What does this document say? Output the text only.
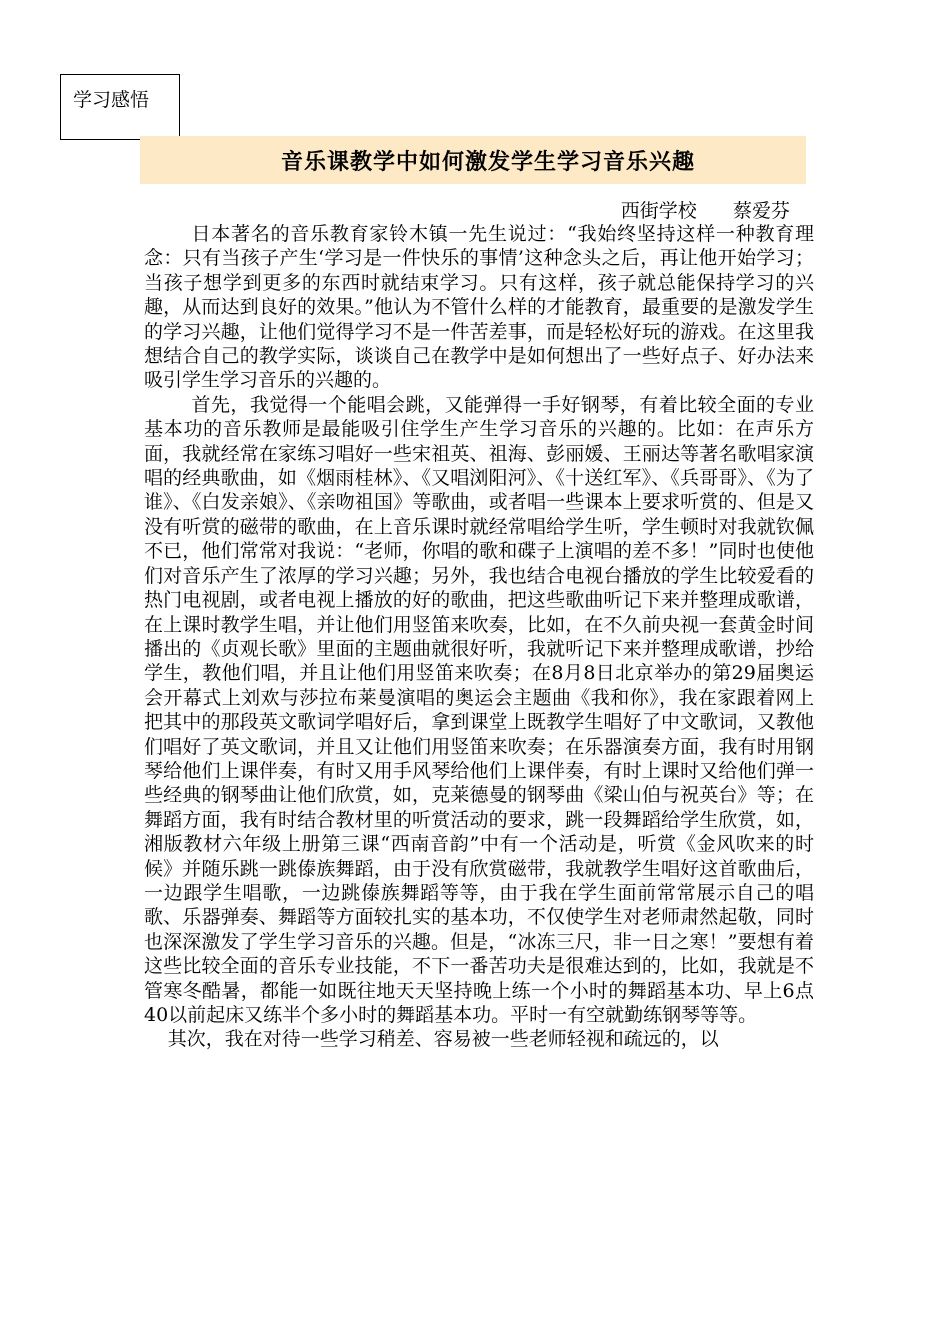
学习感悟
音乐课教学中如何激发学生学习音乐兴趣
西街学校 蔡爱芬

日本著名的音乐教育家铃木镇一先生说过：“我始终坚持这样一种教育理念：只有当孩子产生‘学习是一件快乐的事情’这种念头之后，再让他开始学习；当孩子想学到更多的东西时就结束学习。只有这样，孩子就总能保持学习的兴趣，从而达到良好的效果。”他认为不管什么样的才能教育，最重要的是激发学生的学习兴趣，让他们觉得学习不是一件苦差事，而是轻松好玩的游戏。在这里我想结合自己的教学实际，谈谈自己在教学中是如何想出了一些好点子、好办法来吸引学生学习音乐的兴趣的。

首先，我觉得一个能唱会跳，又能弹得一手好钢琴，有着比较全面的专业基本功的音乐教师是最能吸引住学生产生学习音乐的兴趣的。比如：在声乐方面，我就经常在家练习唱好一些宋祖英、祖海、彭丽媛、王丽达等著名歌唱家演唱的经典歌曲，如《烟雨桂林》、《又唱浏阳河》、《十送红军》、《兵哥哥》、《为了谁》、《白发亲娘》、《亲吻祖国》等歌曲，或者唱一些课本上要求听赏的、但是又没有听赏的磁带的歌曲，在上音乐课时就经常唱给学生听，学生顿时对我就钦佩不已，他们常常对我说：“老师，你唱的歌和碟子上演唱的差不多！”同时也使他们对音乐产生了浓厚的学习兴趣；另外，我也结合电视台播放的学生比较爱看的热门电视剧，或者电视上播放的好的歌曲，把这些歌曲听记下来并整理成歌谱，在上课时教学生唱，并让他们用竖笛来吹奏，比如，在不久前央视一套黄金时间播出的《贞观长歌》里面的主题曲就很好听，我就听记下来并整理成歌谱，抄给学生，教他们唱，并且让他们用竖笛来吹奏；在8月8日北京举办的第29届奥运会开幕式上刘欢与莎拉布莱曼演唱的奥运会主题曲《我和你》，我在家跟着网上把其中的那段英文歌词学唱好后，拿到课堂上既教学生唱好了中文歌词，又教他们唱好了英文歌词，并且又让他们用竖笛来吹奏；在乐器演奏方面，我有时用钢琴给他们上课伴奏，有时又用手风琴给他们上课伴奏，有时上课时又给他们弹一些经典的钢琴曲让他们欣赏，如，克莱德曼的钢琴曲《梁山伯与祝英台》等；在舞蹈方面，我有时结合教材里的听赏活动的要求，跳一段舞蹈给学生欣赏，如，湘版教材六年级上册第三课“西南音韵”中有一个活动是，听赏《金风吹来的时候》并随乐跳一跳傣族舞蹈，由于没有欣赏磁带，我就教学生唱好这首歌曲后，一边跟学生唱歌，一边跳傣族舞蹈等等，由于我在学生面前常常展示自己的唱歌、乐器弹奏、舞蹈等方面较扎实的基本功，不仅使学生对老师肃然起敬，同时也深深激发了学生学习音乐的兴趣。但是，“冰冻三尺，非一日之寒！”要想有着这些比较全面的音乐专业技能，不下一番苦功夫是很难达到的，比如，我就是不管寒冬酷暑，都能一如既往地天天坚持晚上练一个小时的舞蹈基本功、早上6点40以前起床又练半个多小时的舞蹈基本功。平时一有空就勤练钢琴等等。

其次，我在对待一些学习稍差、容易被一些老师轻视和疏远的，以
